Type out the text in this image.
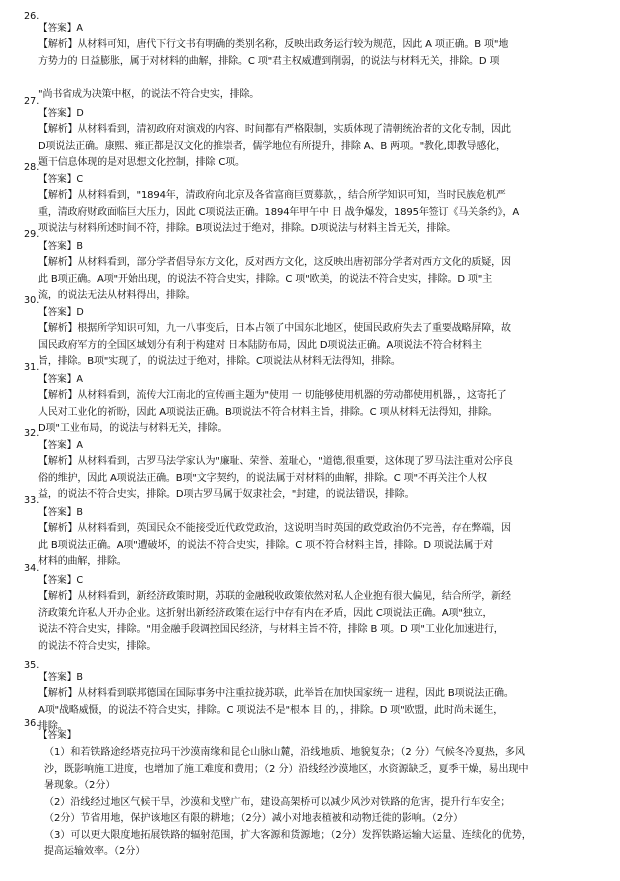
26.
【答案】A
【解析】从材料可知，唐代下行文书有明确的类别名称，反映出政务运行较为规范，因此 A 项正确。B 项"地
方势力的 日益膨胀，属于对材料的曲解，排除。C 项"君主权威遭到削弱，的说法与材料无关，排除。D 项

"尚书省成为决策中枢，的说法不符合史实，排除。
27.
【答案】D
【解析】从材料看到，清初政府对演戏的内容、时间都有严格限制，实质体现了清朝统治者的文化专制，因此
D项说法正确。康熙、雍正都是汉文化的推崇者，儒学地位有所提升，排除 A、B 两项。"教化,即教导感化，
题干信息体现的是对思想文化控制，排除 C项。
28.
【答案】C
【解析】从材料看到，"1894年，清政府向北京及各省富商巨贾募款，，结合所学知识可知，当时民族危机严
重，清政府财政面临巨大压力，因此 C项说法正确。1894年甲午中 日 战争爆发，1895年签订《马关条约》，A
项说法与材料所述时间不符，排除。B项说法过于绝对，排除。D项说法与材料主旨无关，排除。
29.
【答案】B
【解析】从材料看到，部分学者倡导东方文化，反对西方文化，这反映出唐初部分学者对西方文化的质疑，因
此 B项正确。A项"开始出现，的说法不符合史实，排除。C 项"欧美，的说法不符合史实，排除。D 项"主
流，的说法无法从材料得出，排除。
30.
【答案】D
【解析】根据所学知识可知，九一八事变后，日本占领了中国东北地区，使国民政府失去了重要战略屏障，故
国民政府军方的全国区域划分有利于构建对 日本陆防布局，因此 D项说法正确。A项说法不符合材料主
旨，排除。B项"实现了，的说法过于绝对，排除。C项说法从材料无法得知，排除。
31.
【答案】A
【解析】从材料看到，流传大江南北的宣传画主题为"使用 一 切能够使用机器的劳动都使用机器，，这寄托了
人民对工业化的祈盼，因此 A项说法正确。B项说法不符合材料主旨，排除。C 项从材料无法得知，排除。
D项"工业布局，的说法与材料无关，排除。
32.
【答案】A
【解析】从材料看到，古罗马法学家认为"廉耻、荣誉、羞耻心，"道德,很重要，这体现了罗马法注重对公序良
俗的维护，因此 A项说法正确。B项"文字契约，的说法属于对材料的曲解，排除。C 项"不再关注个人权
益，的说法不符合史实，排除。D项古罗马属于奴隶社会，"封建，的说法错误，排除。
33.
【答案】B
【解析】从材料看到，英国民众不能接受近代政党政治，这说明当时英国的政党政治仍不完善，存在弊端，因
此 B项说法正确。A项"遭破坏，的说法不符合史实，排除。C 项不符合材料主旨，排除。D 项说法属于对
材料的曲解，排除。
34.
【答案】C
【解析】从材料看到，新经济政策时期，苏联的金融税收政策依然对私人企业抱有很大偏见，结合所学，新经
济政策允许私人开办企业。这折射出新经济政策在运行中存有内在矛盾，因此 C项说法正确。A项"独立，
说法不符合史实，排除。"用金融手段调控国民经济，与材料主旨不符，排除 B 项。D 项"工业化加速进行，
的说法不符合史实，排除。
35.
【答案】B
【解析】从材料看到联邦德国在国际事务中注重拉拢苏联，此举旨在加快国家统一 进程，因此 B项说法正确。
A项"战略威慑，的说法不符合史实，排除。C 项说法不是"根本 目 的，，排除。D 项"欧盟，此时尚未诞生，
排除。
36.
【答案】
（1）和若铁路途经塔克拉玛干沙漠南缘和昆仑山脉山麓，沿线地质、地貌复杂；（2 分）气候冬冷夏热，多风
沙，既影响施工进度，也增加了施工难度和费用；（2 分）沿线经沙漠地区，水资源缺乏，夏季干燥，易出现中
暑现象。（2分）
（2）沿线经过地区气候干旱，沙漠和戈壁广布，建设高架桥可以减少风沙对铁路的危害，提升行车安全；
（2分）节省用地，保护该地区有限的耕地；（2分）减小对地表植被和动物迁徙的影响。（2分）
（3）可以更大限度地拓展铁路的辐射范围，扩大客源和货源地；（2分）发挥铁路运输大运量、连续化的优势，
提高运输效率。（2分）
